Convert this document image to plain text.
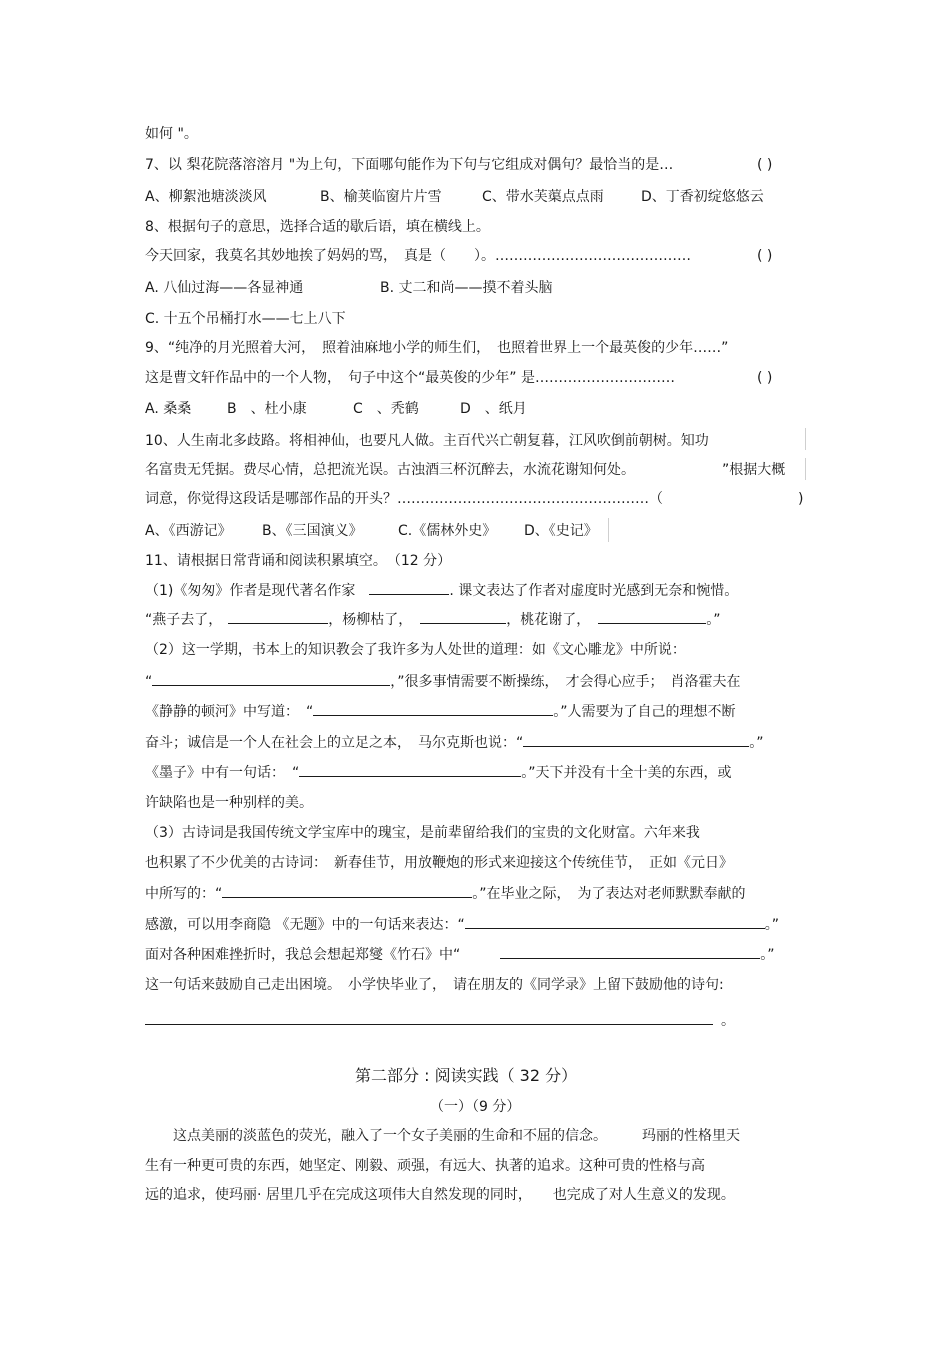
如何 "。
7、以 梨花院落溶溶月 "为上句，下面哪句能作为下句与它组成对偶句？最恰当的是…	( )
A、柳絮池塘淡淡风	B、榆荚临窗片片雪	C、带水芙蕖点点雨	D、丁香初绽悠悠云
8、根据句子的意思，选择合适的歇后语，填在横线上。
今天回家，我莫名其妙地挨了妈妈的骂，　真是（　　）。……………………………………	( )
A. 八仙过海——各显神通	B. 丈二和尚——摸不着头脑
C. 十五个吊桶打水——七上八下
9、“纯净的月光照着大河，　照着油麻地小学的师生们，　也照着世界上一个最英俊的少年……”
这是曹文轩作品中的一个人物，　句子中这个“最英俊的少年” 是…………………………	( )
A. 桑桑	B　、杜小康	C　、秃鹤	D　、纸月
10、人生南北多歧路。将相神仙，也要凡人做。主百代兴亡朝复暮，江风吹倒前朝树。知功
名富贵无凭据。费尽心情，总把流光误。古浊酒三杯沉醉去，水流花谢知何处。	”根据大概
词意，你觉得这段话是哪部作品的开头？………………………………………………（	)
A、《西游记》 B、《三国演义》	C.《儒林外史》 D、《史记》
11、请根据日常背诵和阅读积累填空。　（12 分）
（1)《匆匆》作者是现代著名作家	. 课文表达了作者对虚度时光感到无奈和惋惜。
“燕子去了，	，杨柳枯了，	，桃花谢了，	。”
（2）这一学期，书本上的知识教会了我许多为人处世的道理：如《文心雕龙》中所说：
“	，”很多事情需要不断操练，　才会得心应手；　肖洛霍夫在
《静静的顿河》中写道：　“	。”人需要为了自己的理想不断
奋斗；诚信是一个人在社会上的立足之本，　马尔克斯也说：“	。”
《墨子》中有一句话：　“	。”天下并没有十全十美的东西，或
许缺陷也是一种别样的美。
（3）古诗词是我国传统文学宝库中的瑰宝，是前辈留给我们的宝贵的文化财富。六年来我
也积累了不少优美的古诗词：　新春佳节，用放鞭炮的形式来迎接这个传统佳节，　正如《元日》
中所写的：“	。”在毕业之际，　为了表达对老师默默奉献的
感激，可以用李商隐 《无题》中的一句话来表达：“	。”
面对各种困难挫折时，我总会想起郑燮《竹石》中“	。”
这一句话来鼓励自己走出困境。　小学快毕业了，　请在朋友的《同学录》上留下鼓励他的诗句:
。
第二部分 : 阅读实践（ 32 分）
（一）（9 分）
这点美丽的淡蓝色的荧光，融入了一个女子美丽的生命和不屈的信念。　　　玛丽的性格里天
生有一种更可贵的东西，她坚定、刚毅、顽强，有远大、执著的追求。这种可贵的性格与高
远的追求，使玛丽· 居里几乎在完成这项伟大自然发现的同时，　　也完成了对人生意义的发现。
